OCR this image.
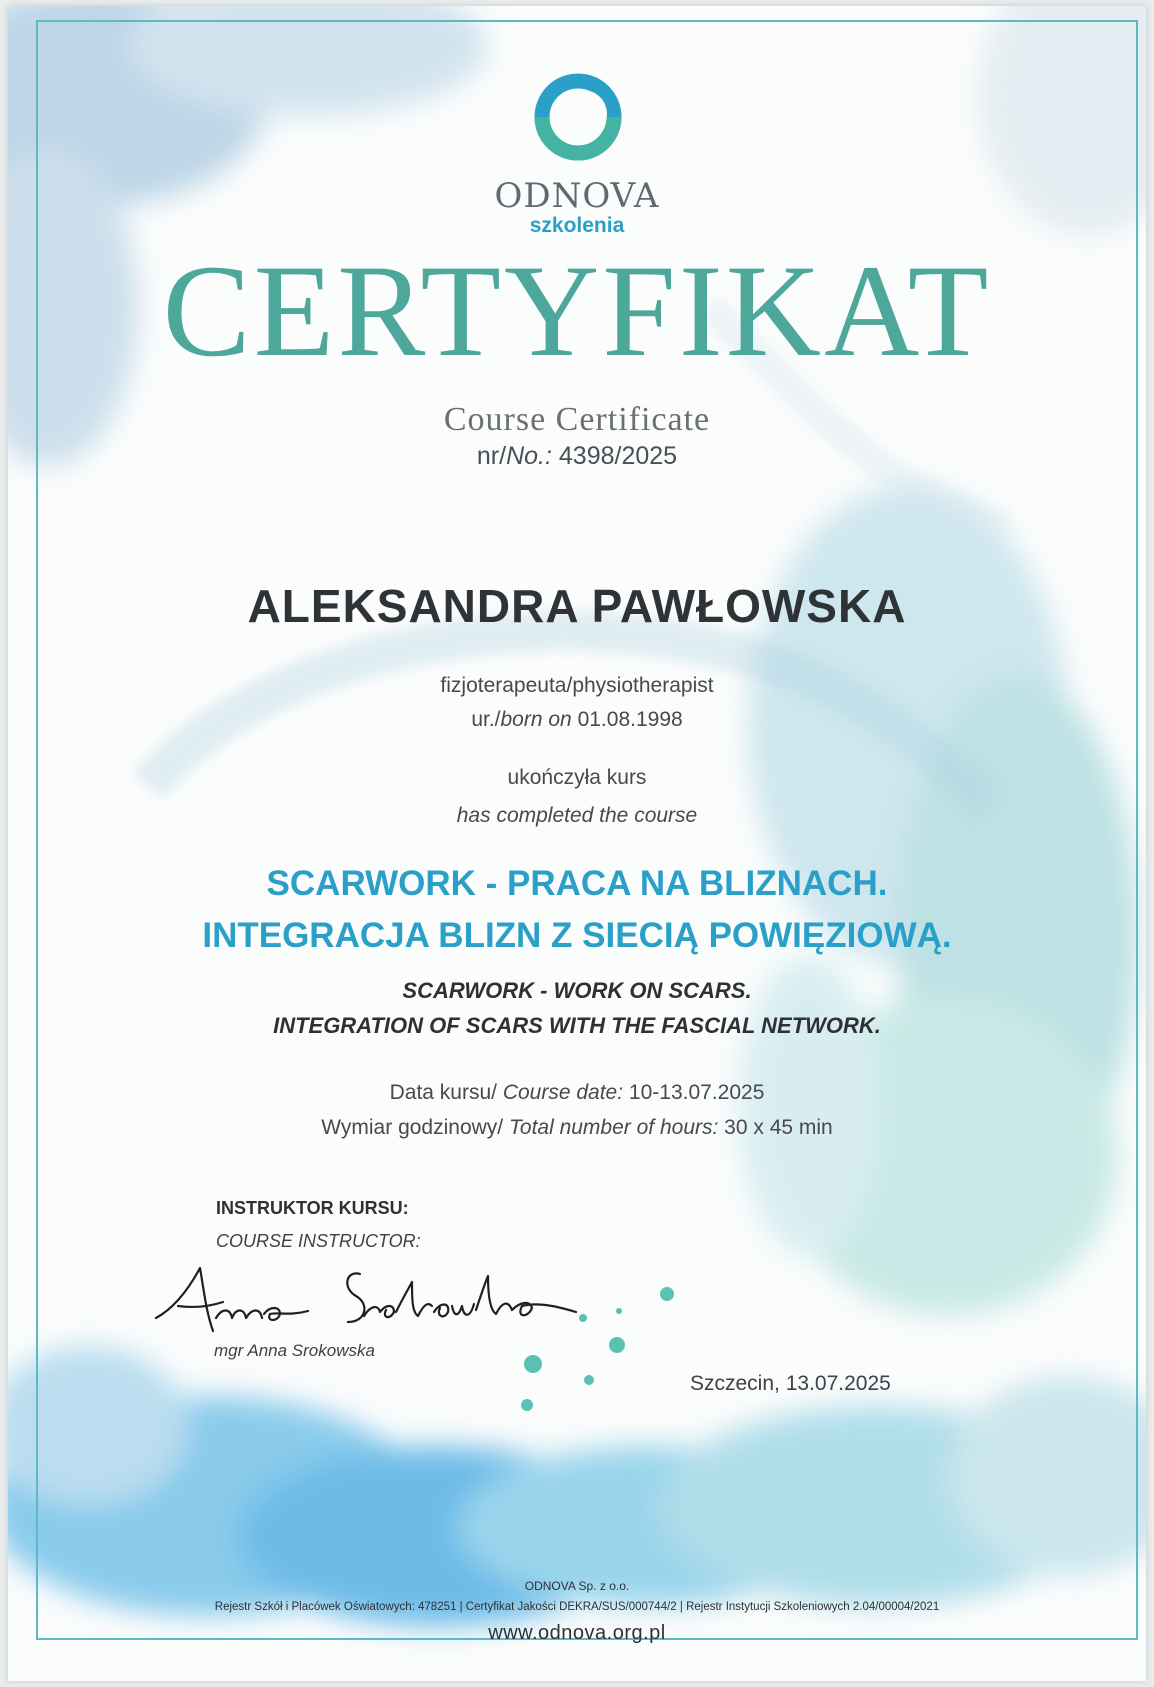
ODNOVA
szkolenia
CERTYFIKAT
Course Certificate
nr/No.: 4398/2025
ALEKSANDRA PAWŁOWSKA
fizjoterapeuta/physiotherapist
ur./born on 01.08.1998
ukończyła kurs
has completed the course
SCARWORK - PRACA NA BLIZNACH.
INTEGRACJA BLIZN Z SIECIĄ POWIĘZIOWĄ.
SCARWORK - WORK ON SCARS.
INTEGRATION OF SCARS WITH THE FASCIAL NETWORK.
Data kursu/ Course date: 10-13.07.2025
Wymiar godzinowy/ Total number of hours: 30 x 45 min
INSTRUKTOR KURSU:
COURSE INSTRUCTOR:
mgr Anna Srokowska
Szczecin, 13.07.2025
ODNOVA Sp. z o.o.
Rejestr Szkół i Placówek Oświatowych: 478251 | Certyfikat Jakości DEKRA/SUS/000744/2 | Rejestr Instytucji Szkoleniowych 2.04/00004/2021
www.odnova.org.pl
